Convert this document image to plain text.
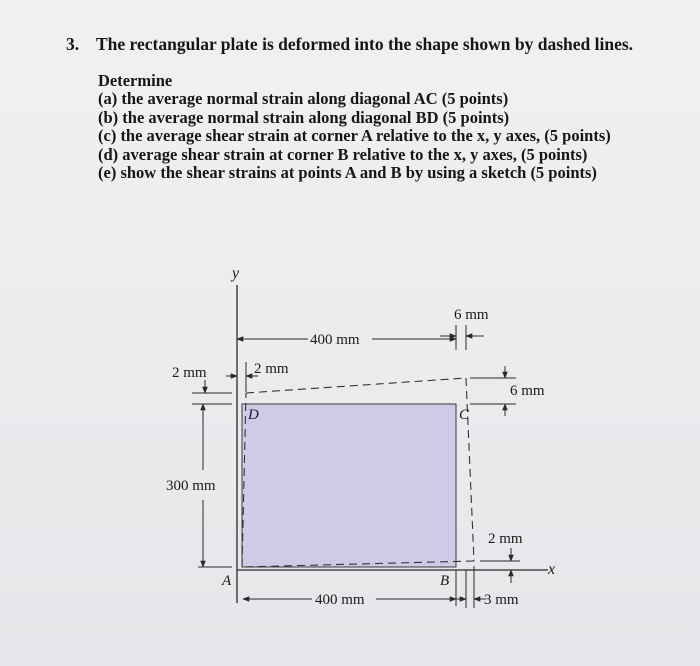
3. The rectangular plate is deformed into the shape shown by dashed lines.
Determine
(a) the average normal strain along diagonal AC (5 points)
(b) the average normal strain along diagonal BD (5 points)
(c) the average shear strain at corner A relative to the x, y axes, (5 points)
(d) average shear strain at corner B relative to the x, y axes, (5 points)
(e) show the shear strains at points A and B by using a sketch (5 points)
y
x
A	B
C
D
400 mm
6 mm
6 mm
2 mm	2 mm
300 mm
400 mm	3 mm
2 mm
